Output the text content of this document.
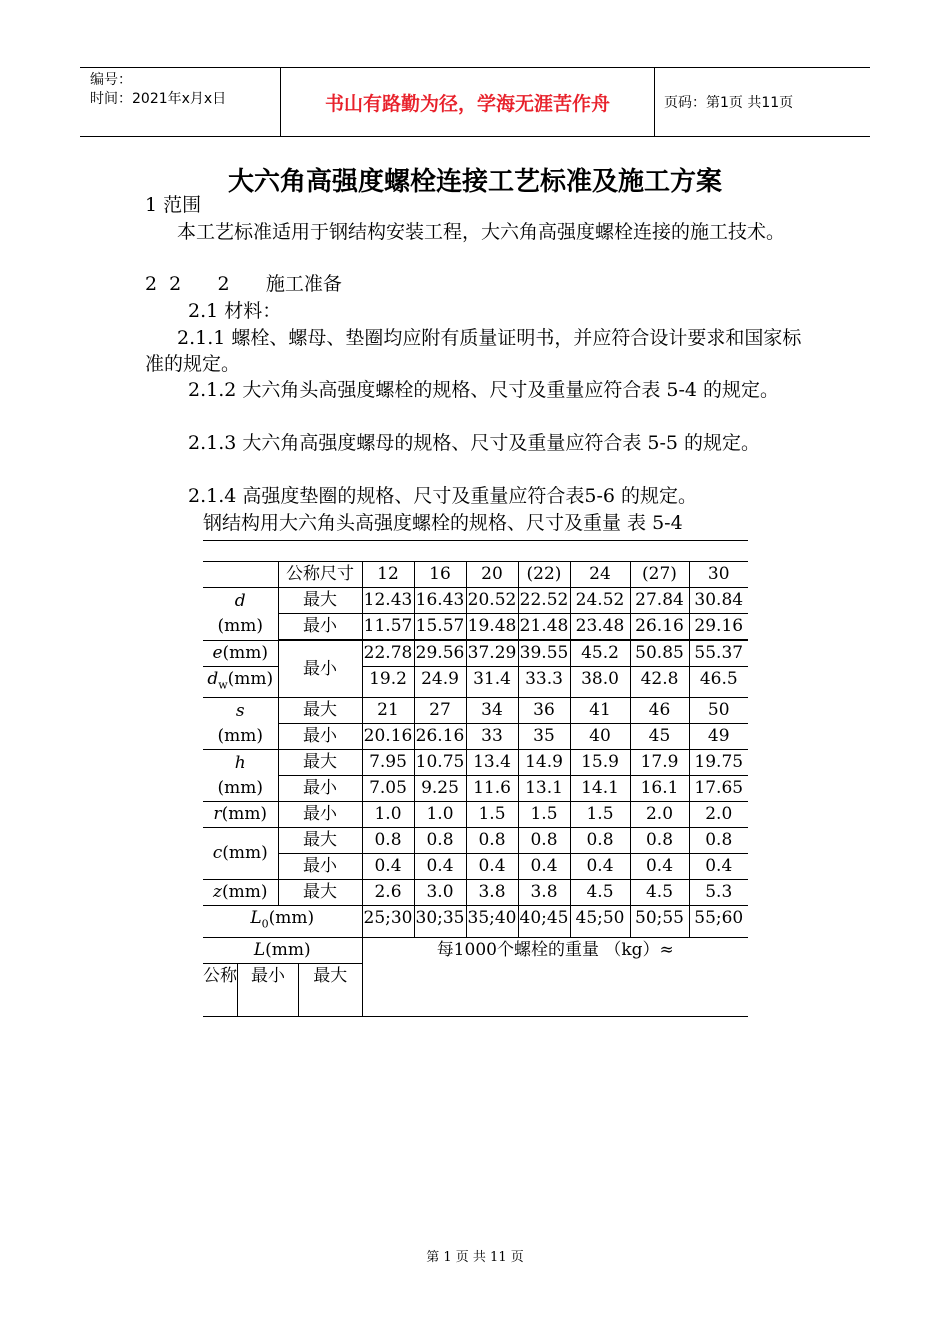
编号：
时间：2021年x月x日	书山有路勤为径，学海无涯苦作舟	页码：第1页 共11页
大六角高强度螺栓连接工艺标准及施工方案
1 范围
本工艺标准适用于钢结构安装工程，大六角高强度螺栓连接的施工技术。
2  2      2      施工准备
2.1 材料：
2.1.1 螺栓、螺母、垫圈均应附有质量证明书，并应符合设计要求和国家标准的规定。
2.1.2 大六角头高强度螺栓的规格、尺寸及重量应符合表 5-4 的规定。
2.1.3 大六角高强度螺母的规格、尺寸及重量应符合表 5-5 的规定。
2.1.4 高强度垫圈的规格、尺寸及重量应符合表5-6 的规定。
钢结构用大六角头高强度螺栓的规格、尺寸及重量 表 5-4
	公称尺寸	12	16	20	(22)	24	(27)	30
d
(mm)	最大	12.43	16.43	20.52	22.52	24.52	27.84	30.84
	最小	11.57	15.57	19.48	21.48	23.48	26.16	29.16

e(mm)	最小	22.78	29.56	37.29	39.55	45.2	50.85	55.37
$d_w(mm)$		19.2	24.9	31.4	33.3	38.0	42.8	46.5
s
(mm)	最大	21	27	34	36	41	46	50
	最小	20.16	26.16	33	35	40	45	49
h
(mm)	最大	7.95	10.75	13.4	14.9	15.9	17.9	19.75
	最小	7.05	9.25	11.6	13.1	14.1	16.1	17.65
r(mm)	最小	1.0	1.0	1.5	1.5	1.5	2.0	2.0
c(mm)	最大	0.8	0.8	0.8	0.8	0.8	0.8	0.8
	最小	0.4	0.4	0.4	0.4	0.4	0.4	0.4
z(mm)	最大	2.6	3.0	3.8	3.8	4.5	4.5	5.3
$L_0(mm)$		25;30	30;35	35;40	40;45	45;50	50;55	55;60
L(mm)		每1000个螺栓的重量 （kg）≈						

公称 最小 最大								
第 1 页 共 11 页
